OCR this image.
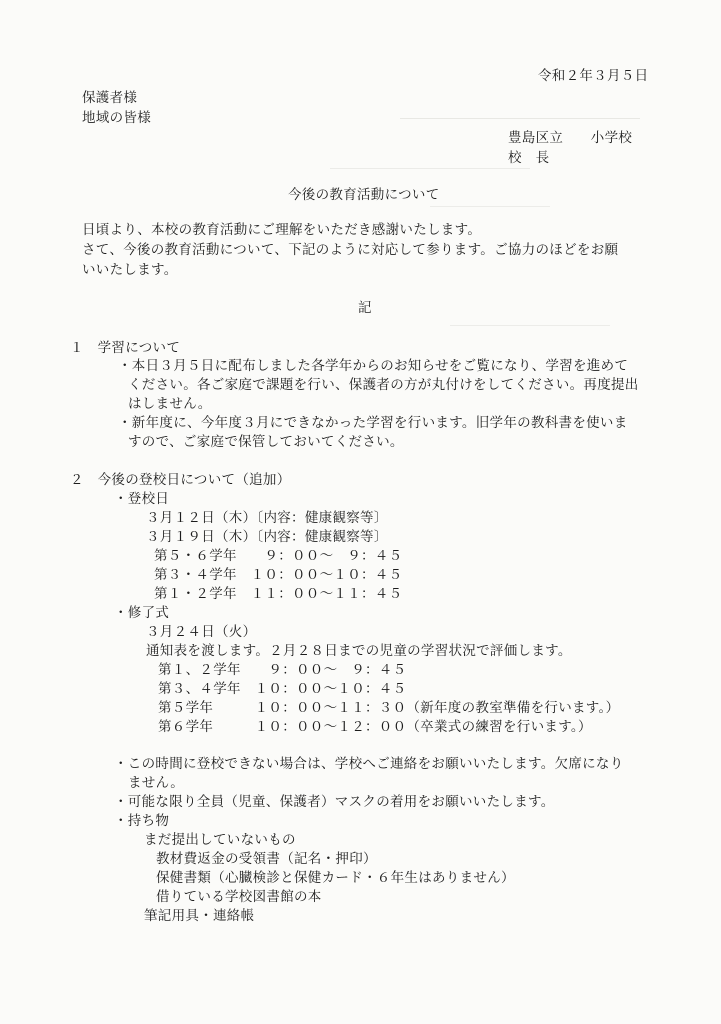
令和２年３月５日
保護者様
地域の皆様
豊島区立　　小学校
校　長
今後の教育活動について
日頃より、本校の教育活動にご理解をいただき感謝いたします。
さて、今後の教育活動について、下記のように対応して参ります。ご協力のほどをお願
いいたします。
記
１　学習について
・本日３月５日に配布しました各学年からのお知らせをご覧になり、学習を進めて
ください。各ご家庭で課題を行い、保護者の方が丸付けをしてください。再度提出
はしません。
・新年度に、今年度３月にできなかった学習を行います。旧学年の教科書を使いま
すので、ご家庭で保管しておいてください。
２　今後の登校日について（追加）
・登校日
３月１２日（木）〔内容：健康観察等〕
３月１９日（木）〔内容：健康観察等〕
第５・６学年　　９：００～　９：４５
第３・４学年　１０：００～１０：４５
第１・２学年　１１：００～１１：４５
・修了式
３月２４日（火）
通知表を渡します。２月２８日までの児童の学習状況で評価します。
第１、２学年　　９：００～　９：４５
第３、４学年　１０：００～１０：４５
第５学年　　　１０：００～１１：３０（新年度の教室準備を行います。）
第６学年　　　１０：００～１２：００（卒業式の練習を行います。）
・この時間に登校できない場合は、学校へご連絡をお願いいたします。欠席になり
ません。
・可能な限り全員（児童、保護者）マスクの着用をお願いいたします。
・持ち物
まだ提出していないもの
教材費返金の受領書（記名・押印）
保健書類（心臓検診と保健カード・６年生はありません）
借りている学校図書館の本
筆記用具・連絡帳
